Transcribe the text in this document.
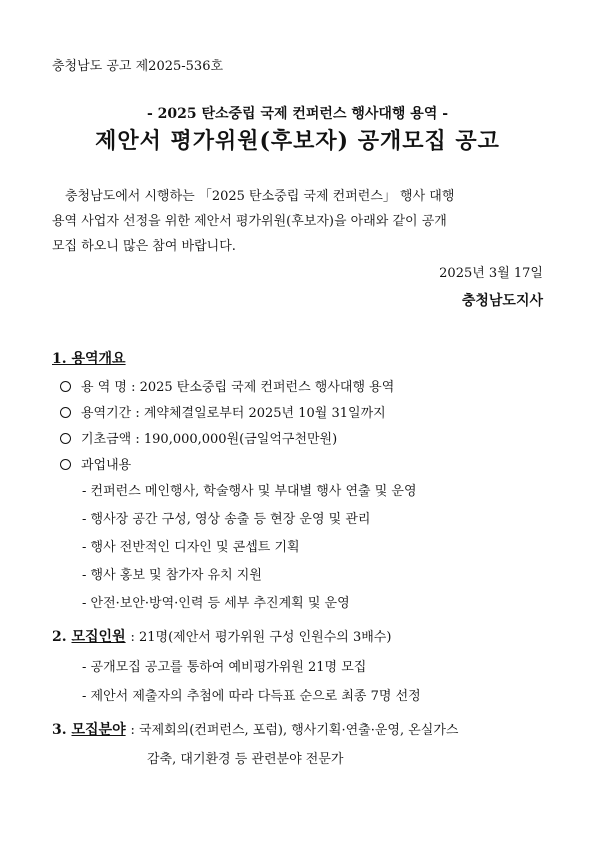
충청남도 공고 제2025-536호
- 2025 탄소중립 국제 컨퍼런스 행사대행 용역 -
제안서 평가위원(후보자) 공개모집 공고
충청남도에서 시행하는 「2025 탄소중립 국제 컨퍼런스」 행사 대행
용역 사업자 선정을 위한 제안서 평가위원(후보자)을 아래와 같이 공개
모집 하오니 많은 참여 바랍니다.
2025년 3월 17일
충청남도지사
1. 용역개요
용 역 명 : 2025 탄소중립 국제 컨퍼런스 행사대행 용역
용역기간 : 계약체결일로부터 2025년 10월 31일까지
기초금액 : 190,000,000원(금일억구천만원)
과업내용
- 컨퍼런스 메인행사, 학술행사 및 부대별 행사 연출 및 운영
- 행사장 공간 구성, 영상 송출 등 현장 운영 및 관리
- 행사 전반적인 디자인 및 콘셉트 기획
- 행사 홍보 및 참가자 유치 지원
- 안전·보안·방역·인력 등 세부 추진계획 및 운영
2. 모집인원 : 21명(제안서 평가위원 구성 인원수의 3배수)
- 공개모집 공고를 통하여 예비평가위원 21명 모집
- 제안서 제출자의 추첨에 따라 다득표 순으로 최종 7명 선정
3. 모집분야 : 국제회의(컨퍼런스, 포럼), 행사기획·연출·운영, 온실가스
감축, 대기환경 등 관련분야 전문가
